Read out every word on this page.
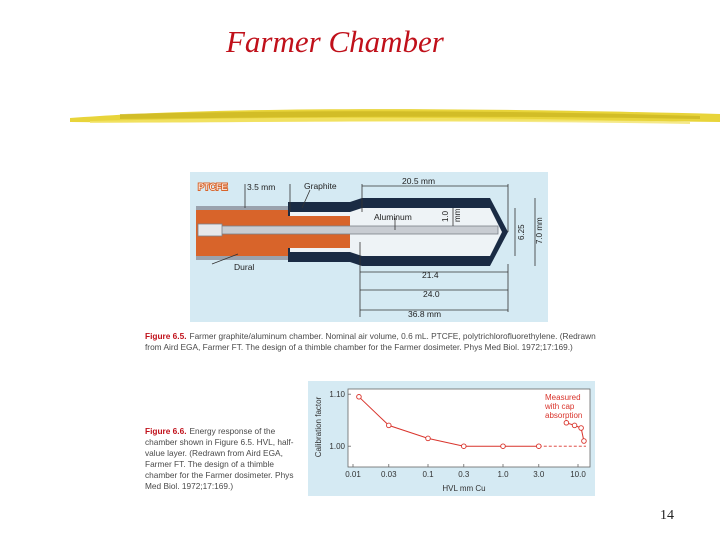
Farmer Chamber
PTCFE 3.5 mm	Graphite	20.5 mm
Aluminum	1.0 mm
6.25 7.0 mm
Dural
21.4
24.0
36.8 mm
Figure 6.5. Farmer graphite/aluminum chamber. Nominal air volume, 0.6 mL. PTCFE, polytrichlorofluorethylene. (Redrawn from Aird EGA, Farmer FT. The design of a thimble chamber for the Farmer dosimeter. Phys Med Biol. 1972;17:169.)
0.01	0.03	0.1	0.3	1.0	3.0	10.0
1.10
1.00
Calibration factor
HVL mm Cu
Measured
with cap
absorption
Figure 6.6. Energy response of the chamber shown in Figure 6.5. HVL, half-value layer. (Redrawn from Aird EGA, Farmer FT. The design of a thimble chamber for the Farmer dosimeter. Phys Med Biol. 1972;17:169.)
14
